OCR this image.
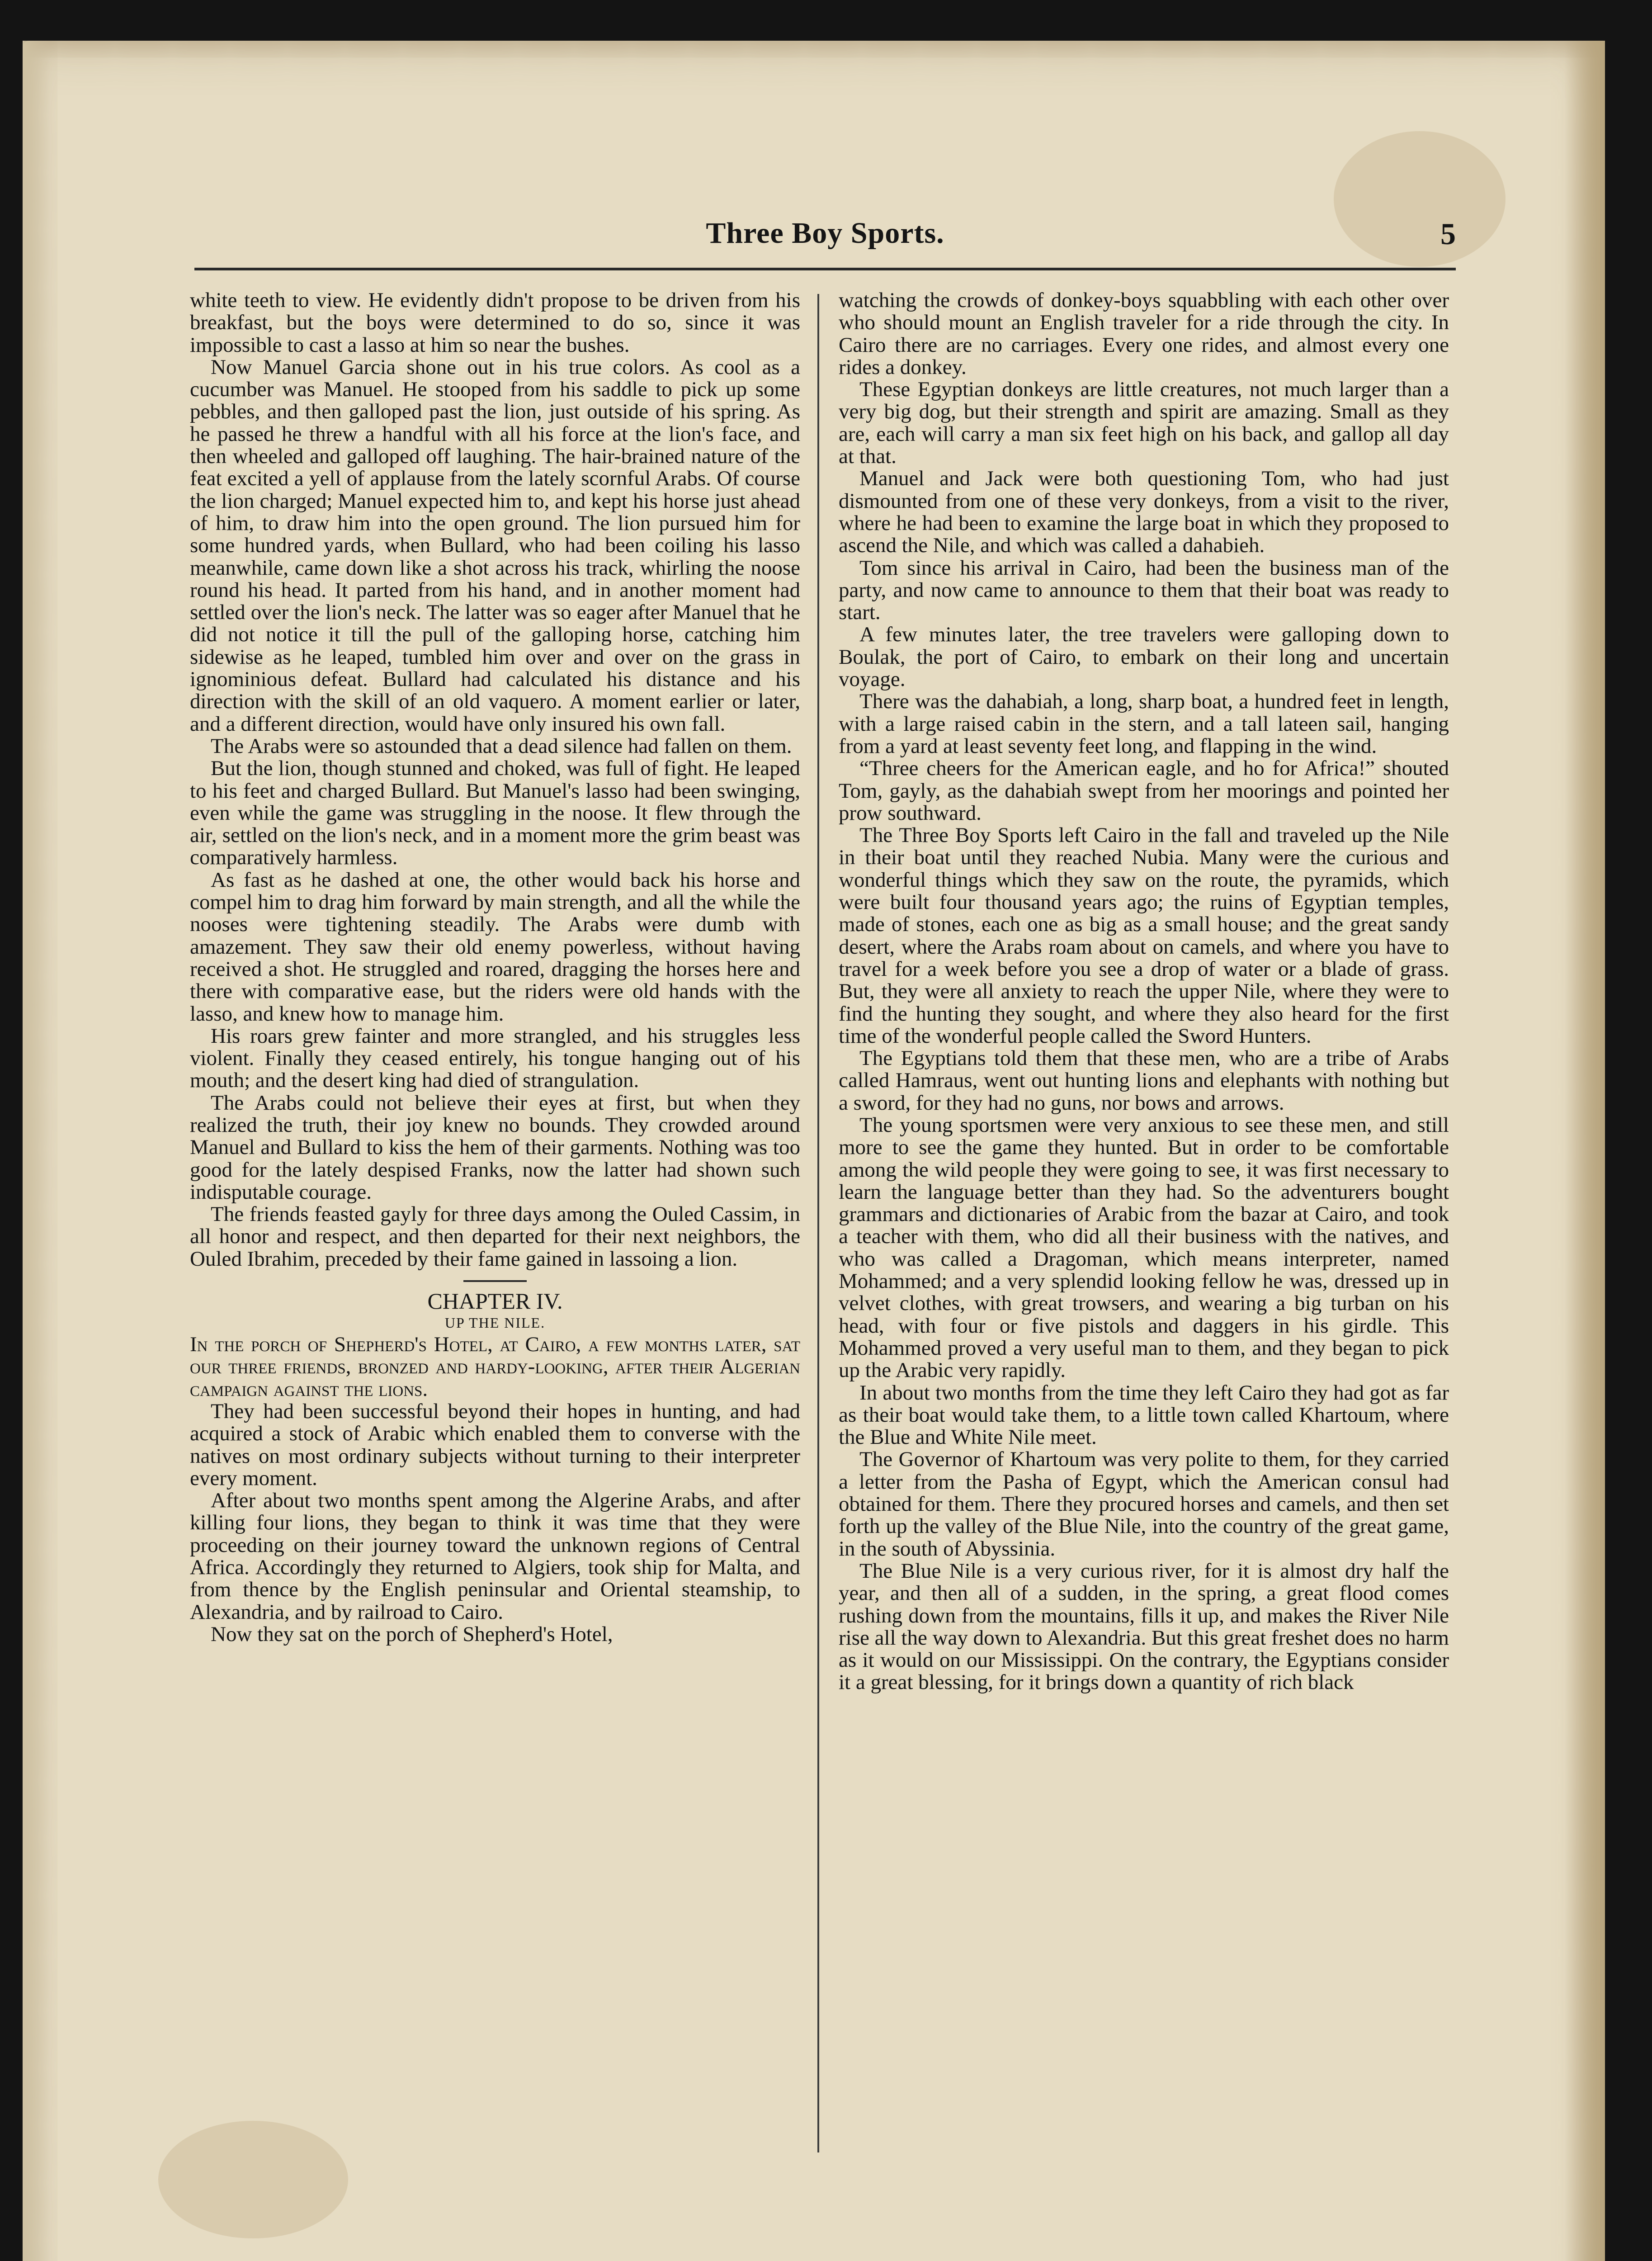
Three Boy Sports.	5

white teeth to view. He evidently didn't propose to be driven from his breakfast, but the boys were determined to do so, since it was impossible to cast a lasso at him so near the bushes.

Now Manuel Garcia shone out in his true colors. As cool as a cucumber was Manuel. He stooped from his saddle to pick up some pebbles, and then galloped past the lion, just outside of his spring. As he passed he threw a handful with all his force at the lion's face, and then wheeled and galloped off laughing. The hair-brained nature of the feat excited a yell of applause from the lately scornful Arabs. Of course the lion charged; Manuel expected him to, and kept his horse just ahead of him, to draw him into the open ground. The lion pursued him for some hundred yards, when Bullard, who had been coiling his lasso meanwhile, came down like a shot across his track, whirling the noose round his head. It parted from his hand, and in another moment had settled over the lion's neck. The latter was so eager after Manuel that he did not notice it till the pull of the galloping horse, catching him sidewise as he leaped, tumbled him over and over on the grass in ignominious defeat. Bullard had calculated his distance and his direction with the skill of an old vaquero. A moment earlier or later, and a different direction, would have only insured his own fall.

The Arabs were so astounded that a dead silence had fallen on them.

But the lion, though stunned and choked, was full of fight. He leaped to his feet and charged Bullard. But Manuel's lasso had been swinging, even while the game was struggling in the noose. It flew through the air, settled on the lion's neck, and in a moment more the grim beast was comparatively harmless.

As fast as he dashed at one, the other would back his horse and compel him to drag him forward by main strength, and all the while the nooses were tightening steadily. The Arabs were dumb with amazement. They saw their old enemy powerless, without having received a shot. He struggled and roared, dragging the horses here and there with comparative ease, but the riders were old hands with the lasso, and knew how to manage him.

His roars grew fainter and more strangled, and his struggles less violent. Finally they ceased entirely, his tongue hanging out of his mouth; and the desert king had died of strangulation.

The Arabs could not believe their eyes at first, but when they realized the truth, their joy knew no bounds. They crowded around Manuel and Bullard to kiss the hem of their garments. Nothing was too good for the lately despised Franks, now the latter had shown such indisputable courage.

The friends feasted gayly for three days among the Ouled Cassim, in all honor and respect, and then departed for their next neighbors, the Ouled Ibrahim, preceded by their fame gained in lassoing a lion.

CHAPTER IV.

UP THE NILE.

In the porch of Shepherd's Hotel, at Cairo, a few months later, sat our three friends, bronzed and hardy-looking, after their Algerian campaign against the lions.

They had been successful beyond their hopes in hunting, and had acquired a stock of Arabic which enabled them to converse with the natives on most ordinary subjects without turning to their interpreter every moment.

After about two months spent among the Algerine Arabs, and after killing four lions, they began to think it was time that they were proceeding on their journey toward the unknown regions of Central Africa. Accordingly they returned to Algiers, took ship for Malta, and from thence by the English peninsular and Oriental steamship, to Alexandria, and by railroad to Cairo.

Now they sat on the porch of Shepherd's Hotel,

watching the crowds of donkey-boys squabbling with each other over who should mount an English traveler for a ride through the city. In Cairo there are no carriages. Every one rides, and almost every one rides a donkey.

These Egyptian donkeys are little creatures, not much larger than a very big dog, but their strength and spirit are amazing. Small as they are, each will carry a man six feet high on his back, and gallop all day at that.

Manuel and Jack were both questioning Tom, who had just dismounted from one of these very donkeys, from a visit to the river, where he had been to examine the large boat in which they proposed to ascend the Nile, and which was called a dahabieh.

Tom since his arrival in Cairo, had been the business man of the party, and now came to announce to them that their boat was ready to start.

A few minutes later, the tree travelers were galloping down to Boulak, the port of Cairo, to embark on their long and uncertain voyage.

There was the dahabiah, a long, sharp boat, a hundred feet in length, with a large raised cabin in the stern, and a tall lateen sail, hanging from a yard at least seventy feet long, and flapping in the wind.

“Three cheers for the American eagle, and ho for Africa!” shouted Tom, gayly, as the dahabiah swept from her moorings and pointed her prow southward.

The Three Boy Sports left Cairo in the fall and traveled up the Nile in their boat until they reached Nubia. Many were the curious and wonderful things which they saw on the route, the pyramids, which were built four thousand years ago; the ruins of Egyptian temples, made of stones, each one as big as a small house; and the great sandy desert, where the Arabs roam about on camels, and where you have to travel for a week before you see a drop of water or a blade of grass. But, they were all anxiety to reach the upper Nile, where they were to find the hunting they sought, and where they also heard for the first time of the wonderful people called the Sword Hunters.

The Egyptians told them that these men, who are a tribe of Arabs called Hamraus, went out hunting lions and elephants with nothing but a sword, for they had no guns, nor bows and arrows.

The young sportsmen were very anxious to see these men, and still more to see the game they hunted. But in order to be comfortable among the wild people they were going to see, it was first necessary to learn the language better than they had. So the adventurers bought grammars and dictionaries of Arabic from the bazar at Cairo, and took a teacher with them, who did all their business with the natives, and who was called a Dragoman, which means interpreter, named Mohammed; and a very splendid looking fellow he was, dressed up in velvet clothes, with great trowsers, and wearing a big turban on his head, with four or five pistols and daggers in his girdle. This Mohammed proved a very useful man to them, and they began to pick up the Arabic very rapidly.

In about two months from the time they left Cairo they had got as far as their boat would take them, to a little town called Khartoum, where the Blue and White Nile meet.

The Governor of Khartoum was very polite to them, for they carried a letter from the Pasha of Egypt, which the American consul had obtained for them. There they procured horses and camels, and then set forth up the valley of the Blue Nile, into the country of the great game, in the south of Abyssinia.

The Blue Nile is a very curious river, for it is almost dry half the year, and then all of a sudden, in the spring, a great flood comes rushing down from the mountains, fills it up, and makes the River Nile rise all the way down to Alexandria. But this great freshet does no harm as it would on our Mississippi. On the contrary, the Egyptians consider it a great blessing, for it brings down a quantity of rich black
